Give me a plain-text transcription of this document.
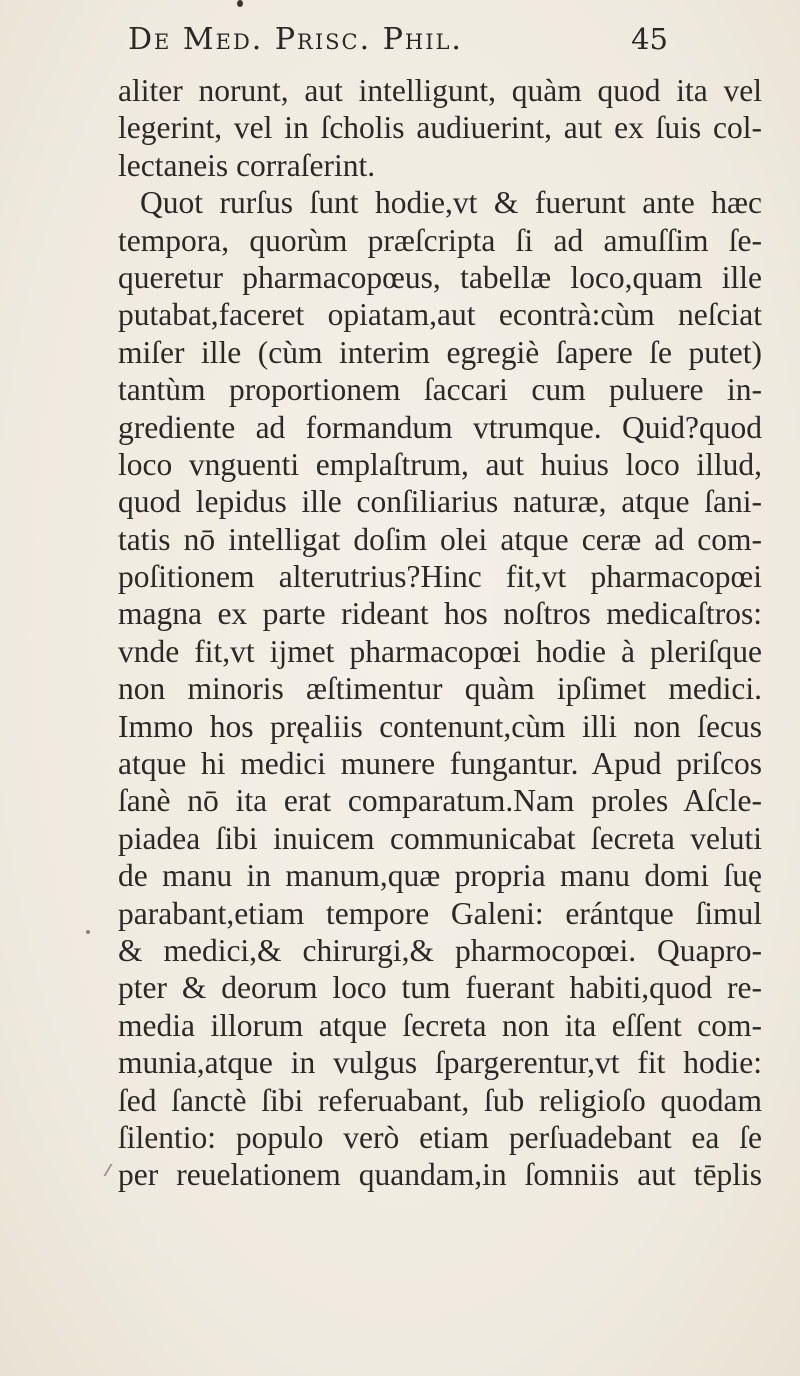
De Med. Prisc. Phil.	45
aliter norunt, aut intelligunt, quàm quod ita vel
legerint, vel in ſcholis audiuerint, aut ex ſuis col-
lectaneis corraſerint.
Quot rurſus ſunt hodie,vt & fuerunt ante hæc
tempora, quorùm præſcripta ſi ad amuſſim ſe-
queretur pharmacopœus, tabellæ loco,quam ille
putabat,faceret opiatam,aut econtrà:cùm neſciat
miſer ille (cùm interim egregiè ſapere ſe putet)
tantùm proportionem ſaccari cum puluere in-
grediente ad formandum vtrumque. Quid?quod
loco vnguenti emplaſtrum, aut huius loco illud,
quod lepidus ille conſiliarius naturæ, atque ſani-
tatis nō intelligat doſim olei atque ceræ ad com-
poſitionem alterutrius?Hinc fit,vt pharmacopœi
magna ex parte rideant hos noſtros medicaſtros:
vnde fit,vt ijmet pharmacopœi hodie à pleriſque
non minoris æſtimentur quàm ipſimet medici.
Immo hos pręaliis contenunt,cùm illi non ſecus
atque hi medici munere fungantur. Apud priſcos
ſanè nō ita erat comparatum.Nam proles Aſcle-
piadea ſibi inuicem communicabat ſecreta veluti
de manu in manum,quæ propria manu domi ſuę
parabant,etiam tempore Galeni: erántque ſimul
& medici,& chirurgi,& pharmocopœi. Quapro-
pter & deorum loco tum fuerant habiti,quod re-
media illorum atque ſecreta non ita eſſent com-
munia,atque in vulgus ſpargerentur,vt fit hodie:
ſed ſanctè ſibi referuabant, ſub religioſo quodam
ſilentio: populo verò etiam perſuadebant ea ſe
per reuelationem quandam,in ſomniis aut tēplis
